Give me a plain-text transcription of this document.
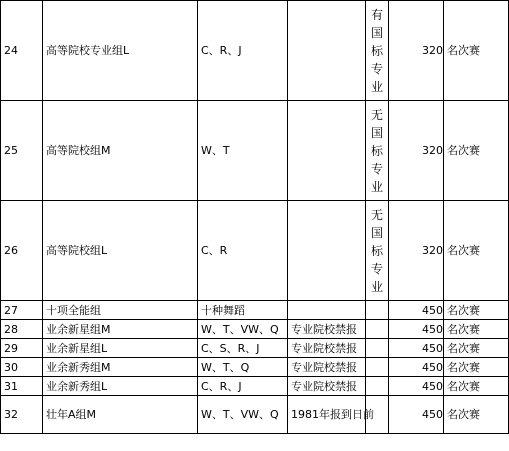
24	高等院校专业组L	C、R、J		有国标专业	320	名次赛
25	高等院校组M	W、T		无国标专业	320	名次赛
26	高等院校组L	C、R		无国标专业	320	名次赛
27	十项全能组	十种舞蹈			450	名次赛
28	业余新星组M	W、T、VW、Q	专业院校禁报		450	名次赛
29	业余新星组L	C、S、R、J	专业院校禁报		450	名次赛
30	业余新秀组M	W、T、Q	专业院校禁报		450	名次赛
31	业余新秀组L	C、R、J	专业院校禁报		450	名次赛
32	壮年A组M	W、T、VW、Q	1981年报到日前		450	名次赛
